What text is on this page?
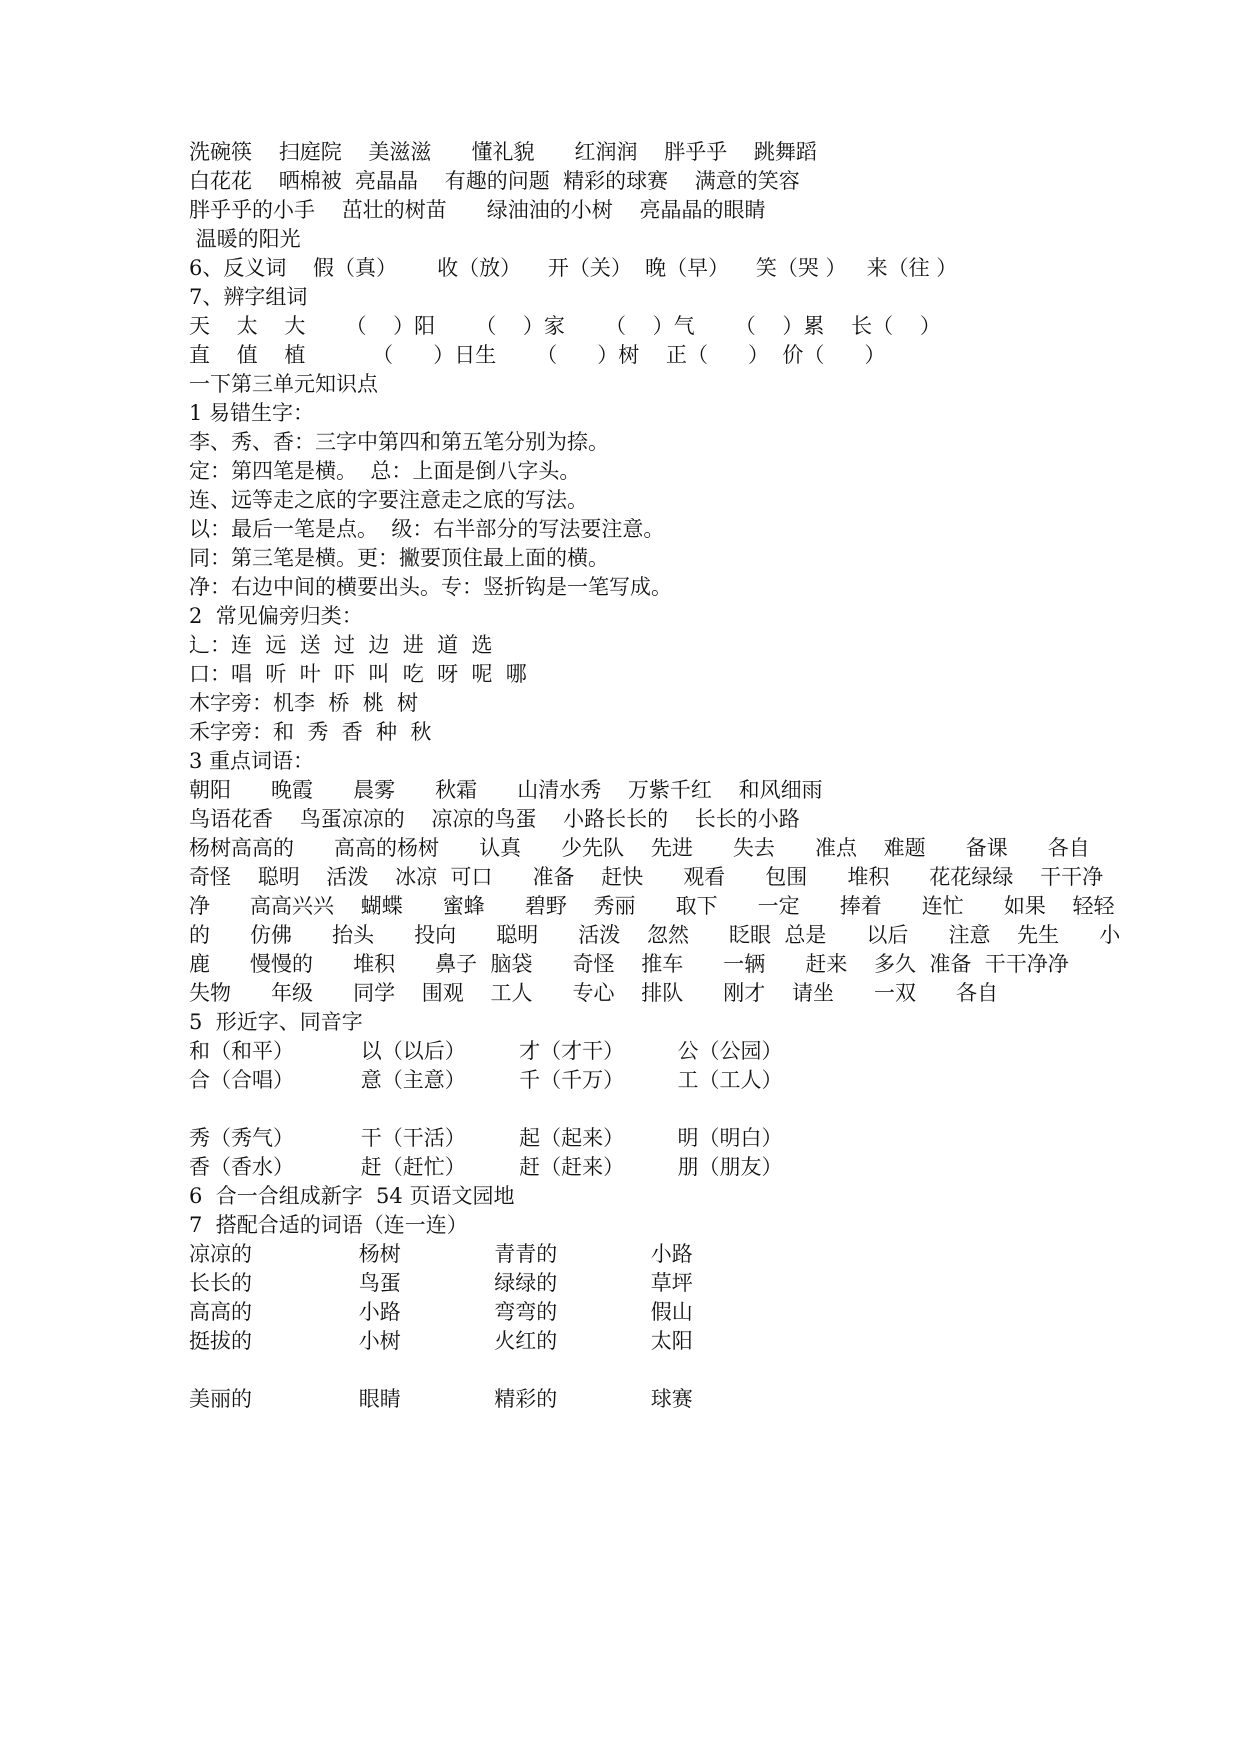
洗碗筷    扫庭院    美滋滋      懂礼貌      红润润    胖乎乎    跳舞蹈
白花花    晒棉被  亮晶晶    有趣的问题  精彩的球赛    满意的笑容
胖乎乎的小手    茁壮的树苗      绿油油的小树    亮晶晶的眼睛
温暖的阳光
6、反义词    假（真）      收（放）    开（关）  晚（早）    笑（哭 ）   来（往 ）
7、辨字组词
天    太    大      （    ）阳      （    ）家      （    ）气      （    ）累    长（    ）
直    值    植          （      ）日生      （      ）树    正（      ）  价（      ）
一下第三单元知识点
1 易错生字：
李、秀、香：三字中第四和第五笔分别为捺。
定：第四笔是横。  总：上面是倒八字头。
连、远等走之底的字要注意走之底的写法。
以：最后一笔是点。  级：右半部分的写法要注意。
同：第三笔是横。更：撇要顶住最上面的横。
净：右边中间的横要出头。专：竖折钩是一笔写成。
2  常见偏旁归类：
辶：连  远  送  过  边  进  道  选
口：唱  听  叶  吓  叫  吃  呀  呢  哪
木字旁：机李  桥  桃  树
禾字旁：和  秀  香  种  秋
3 重点词语：
朝阳      晚霞      晨雾      秋霜      山清水秀    万紫千红    和风细雨
鸟语花香    鸟蛋凉凉的    凉凉的鸟蛋    小路长长的    长长的小路
杨树高高的      高高的杨树      认真      少先队    先进      失去      准点    难题      备课      各自
奇怪    聪明    活泼    冰凉  可口      准备    赶快      观看      包围      堆积      花花绿绿    干干净
净      高高兴兴    蝴蝶      蜜蜂      碧野    秀丽      取下      一定      捧着      连忙      如果    轻轻
的      仿佛      抬头      投向      聪明      活泼    忽然      眨眼  总是      以后      注意    先生      小
鹿      慢慢的      堆积      鼻子  脑袋      奇怪    推车      一辆      赶来    多久  准备  干干净净
失物      年级      同学    围观    工人      专心    排队      刚才    请坐      一双      各自
5  形近字、同音字
和（和平）          以（以后）        才（才干）        公（公园）
合（合唱）          意（主意）        千（千万）        工（工人）
秀（秀气）          干（干活）        起（起来）        明（明白）
香（香水）          赶（赶忙）        赶（赶来）        朋（朋友）
6  合一合组成新字  54 页语文园地
7  搭配合适的词语（连一连）
凉凉的                杨树              青青的              小路
长长的                鸟蛋              绿绿的              草坪
高高的                小路              弯弯的              假山
挺拔的                小树              火红的              太阳
美丽的                眼睛              精彩的              球赛
